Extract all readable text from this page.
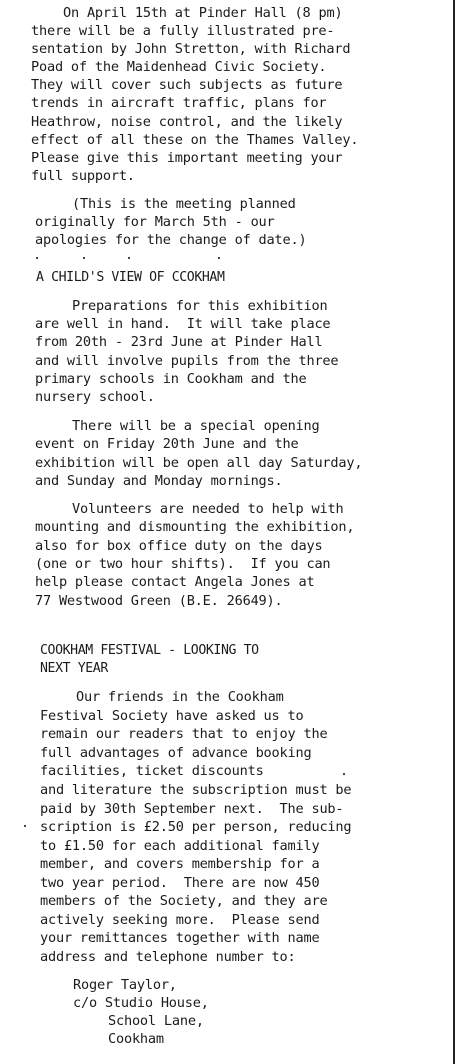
On April 15th at Pinder Hall (8 pm)
there will be a fully illustrated pre-
sentation by John Stretton, with Richard
Poad of the Maidenhead Civic Society.
They will cover such subjects as future
trends in aircraft traffic, plans for
Heathrow, noise control, and the likely
effect of all these on the Thames Valley.
Please give this important meeting your
full support.
(This is the meeting planned
originally for March 5th - our
apologies for the change of date.)
A CHILD'S VIEW OF CCOKHAM
Preparations for this exhibition
are well in hand.  It will take place
from 20th - 23rd June at Pinder Hall
and will involve pupils from the three
primary schools in Cookham and the
nursery school.
There will be a special opening
event on Friday 20th June and the
exhibition will be open all day Saturday,
and Sunday and Monday mornings.
Volunteers are needed to help with
mounting and dismounting the exhibition,
also for box office duty on the days
(one or two hour shifts).  If you can
help please contact Angela Jones at
77 Westwood Green (B.E. 26649).
COOKHAM FESTIVAL - LOOKING TO
NEXT YEAR
Our friends in the Cookham
Festival Society have asked us to
remain our readers that to enjoy the
full advantages of advance booking
facilities, ticket discounts
and literature the subscription must be
paid by 30th September next.  The sub-
scription is £2.50 per person, reducing
to £1.50 for each additional family
member, and covers membership for a
two year period.  There are now 450
members of the Society, and they are
actively seeking more.  Please send
your remittances together with name
address and telephone number to:
Roger Taylor,
c/o Studio House,
School Lane,
Cookham
